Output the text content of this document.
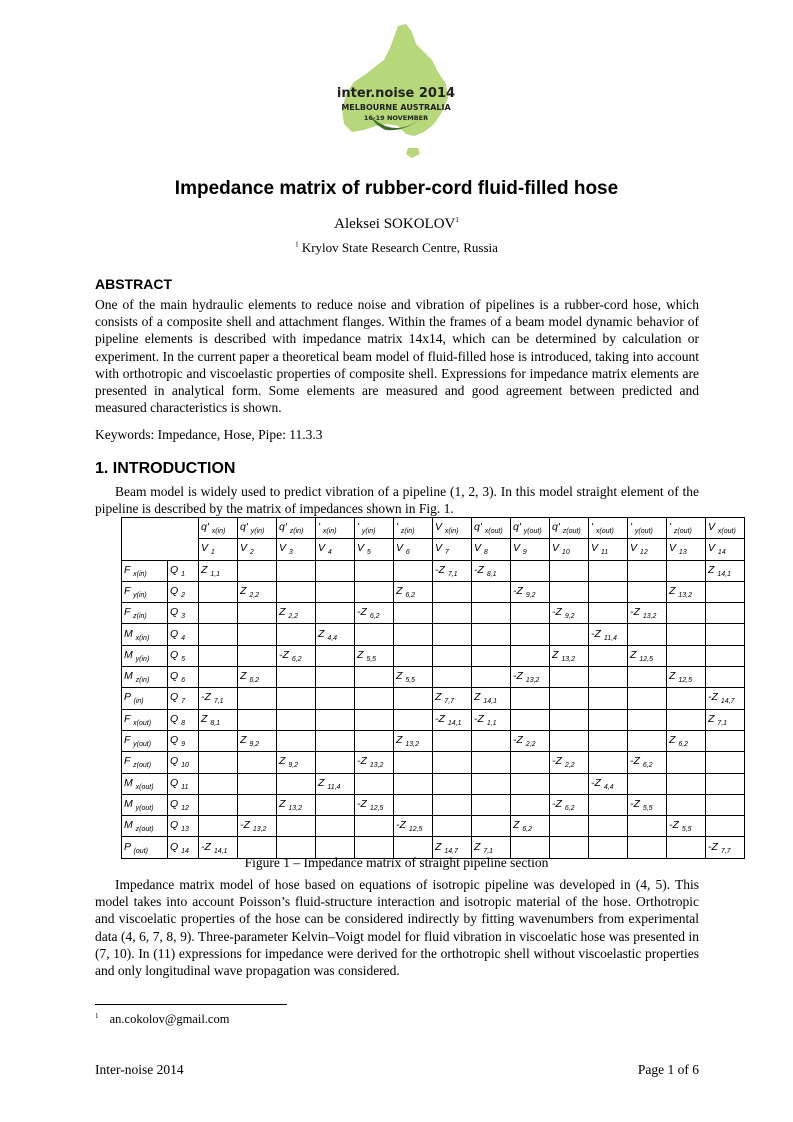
inter.noise 2014
MELBOURNE AUSTRALIA
16-19 NOVEMBER
Impedance matrix of rubber-cord fluid-filled hose
Aleksei SOKOLOV$^1$
$^1$ Krylov State Research Centre, Russia
ABSTRACT
One of the main hydraulic elements to reduce noise and vibration of pipelines is a rubber-cord hose, which consists of a composite shell and attachment flanges. Within the frames of a beam model dynamic behavior of pipeline elements is described with impedance matrix 14x14, which can be determined by calculation or experiment. In the current paper a theoretical beam model of fluid-filled hose is introduced, taking into account with orthotropic and viscoelastic properties of composite shell. Expressions for impedance matrix elements are presented in analytical form. Some elements are measured and good agreement between predicted and measured characteristics is shown.
Keywords: Impedance, Hose, Pipe: 11.3.3
1. INTRODUCTION
Beam model is widely used to predict vibration of a pipeline (1, 2, 3). In this model straight element of the pipeline is described by the matrix of impedances shown in Fig. 1.
		q' $_{x(in)}$	q' $_{y(in)}$	q' $_{z(in)}$	' $_{x(in)}$	' $_{y(in)}$	' $_{z(in)}$	V $_{x(in)}$	q' $_{x(out)}$	q' $_{y(out)}$	q' $_{z(out)}$	' $_{x(out)}$	' $_{y(out)}$	' $_{z(out)}$	V $_{x(out)}$
		V $_1$	V $_2$	V $_3$	V $_4$	V $_5$	V $_6$	V $_7$	V $_8$	V $_9$	V $_{10}$	V $_{11}$	V $_{12}$	V $_{13}$	V $_{14}$
F $_{x(in)}$	Q $_1$	Z $_{1,1}$						-Z $_{7,1}$	-Z $_{8,1}$						Z $_{14,1}$
F $_{y(in)}$	Q $_2$		Z $_{2,2}$				Z $_{6,2}$			-Z $_{9,2}$				Z $_{13,2}$	
F $_{z(in)}$	Q $_3$			Z $_{2,2}$		-Z $_{6,2}$					-Z $_{9,2}$		-Z $_{13,2}$		
M $_{x(in)}$	Q $_4$				Z $_{4,4}$							-Z $_{11,4}$			
M $_{y(in)}$	Q $_5$			-Z $_{6,2}$		Z $_{5,5}$					Z $_{13,2}$		Z $_{12,5}$		
M $_{z(in)}$	Q $_6$		Z $_{6,2}$				Z $_{5,5}$			-Z $_{13,2}$				Z $_{12,5}$	
P $_{(in)}$	Q $_7$	-Z $_{7,1}$						Z $_{7,7}$	Z $_{14,1}$						-Z $_{14,7}$
F $_{x(out)}$	Q $_8$	Z $_{8,1}$						-Z $_{14,1}$	-Z $_{1,1}$						Z $_{7,1}$
F $_{y(out)}$	Q $_9$		Z $_{9,2}$				Z $_{13,2}$			-Z $_{2,2}$				Z $_{6,2}$	
F $_{z(out)}$	Q $_{10}$			Z $_{9,2}$		-Z $_{13,2}$					-Z $_{2,2}$		-Z $_{6,2}$		
M $_{x(out)}$	Q $_{11}$				Z $_{11,4}$							-Z $_{4,4}$			
M $_{y(out)}$	Q $_{12}$			Z $_{13,2}$		-Z $_{12,5}$					-Z $_{6,2}$		-Z $_{5,5}$		
M $_{z(out)}$	Q $_{13}$		-Z $_{13,2}$				-Z $_{12,5}$			Z $_{6,2}$				-Z $_{5,5}$	
P $_{(out)}$	Q $_{14}$	-Z $_{14,1}$						Z $_{14,7}$	Z $_{7,1}$						-Z $_{7,7}$
Figure 1 – Impedance matrix of straight pipeline section
Impedance matrix model of hose based on equations of isotropic pipeline was developed in (4, 5). This model takes into account Poisson’s fluid-structure interaction and isotropic material of the hose. Orthotropic and viscoelatic properties of the hose can be considered indirectly by fitting wavenumbers from experimental data (4, 6, 7, 8, 9). Three-parameter Kelvin–Voigt model for fluid vibration in viscoelatic hose was presented in (7, 10). In (11) expressions for impedance were derived for the orthotropic shell without viscoelastic properties and only longitudinal wave propagation was considered.
$^1$ an.cokolov@gmail.com
Inter-noise 2014	Page 1 of 6
